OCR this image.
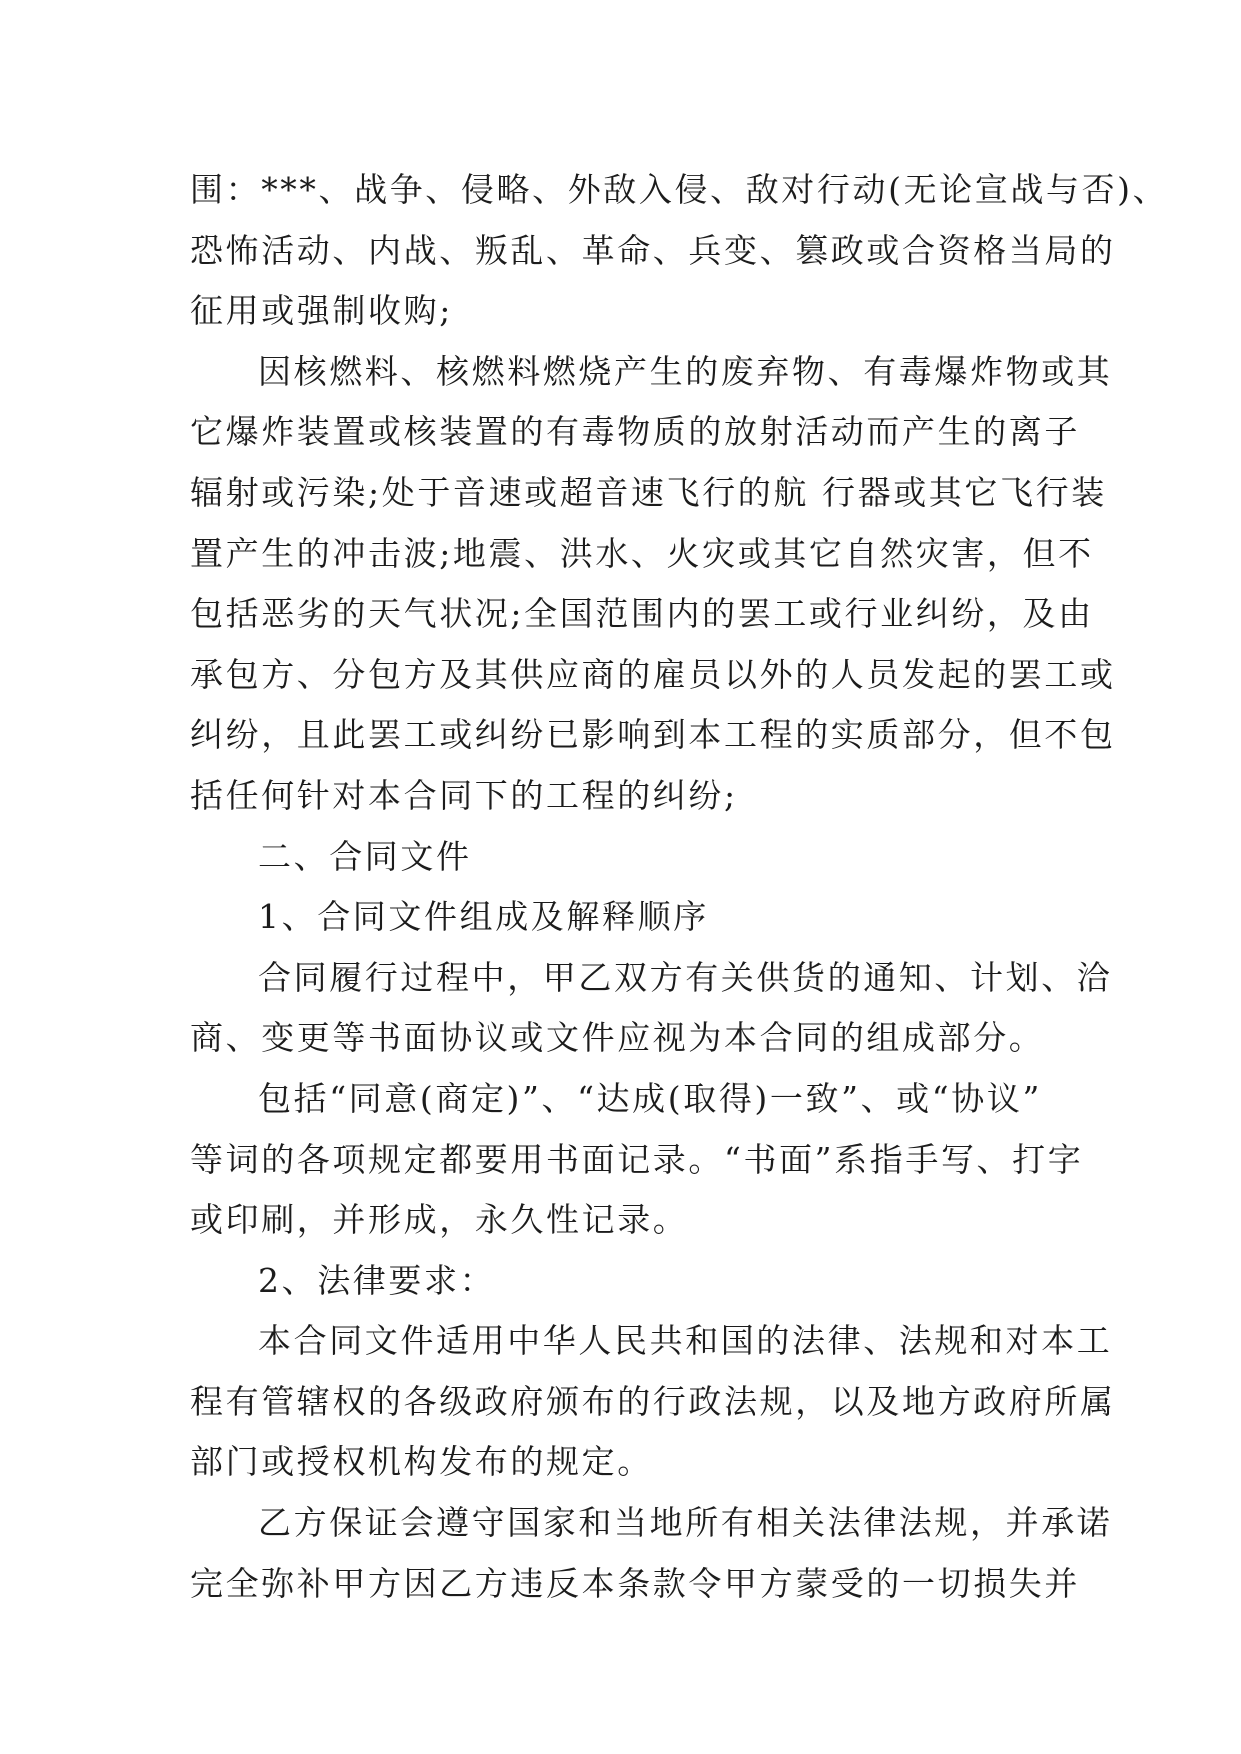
围：***、战争、侵略、外敌入侵、敌对行动(无论宣战与否)、
恐怖活动、内战、叛乱、革命、兵变、篡政或合资格当局的
征用或强制收购;
因核燃料、核燃料燃烧产生的废弃物、有毒爆炸物或其
它爆炸装置或核装置的有毒物质的放射活动而产生的离子
辐射或污染;处于音速或超音速飞行的航 行器或其它飞行装
置产生的冲击波;地震、洪水、火灾或其它自然灾害，但不
包括恶劣的天气状况;全国范围内的罢工或行业纠纷，及由
承包方、分包方及其供应商的雇员以外的人员发起的罢工或
纠纷，且此罢工或纠纷已影响到本工程的实质部分，但不包
括任何针对本合同下的工程的纠纷;
二、合同文件
1、合同文件组成及解释顺序
合同履行过程中，甲乙双方有关供货的通知、计划、洽
商、变更等书面协议或文件应视为本合同的组成部分。
包括“同意(商定)”、“达成(取得)一致”、或“协议”
等词的各项规定都要用书面记录。“书面”系指手写、打字
或印刷，并形成，永久性记录。
2、法律要求：
本合同文件适用中华人民共和国的法律、法规和对本工
程有管辖权的各级政府颁布的行政法规，以及地方政府所属
部门或授权机构发布的规定。
乙方保证会遵守国家和当地所有相关法律法规，并承诺
完全弥补甲方因乙方违反本条款令甲方蒙受的一切损失并
